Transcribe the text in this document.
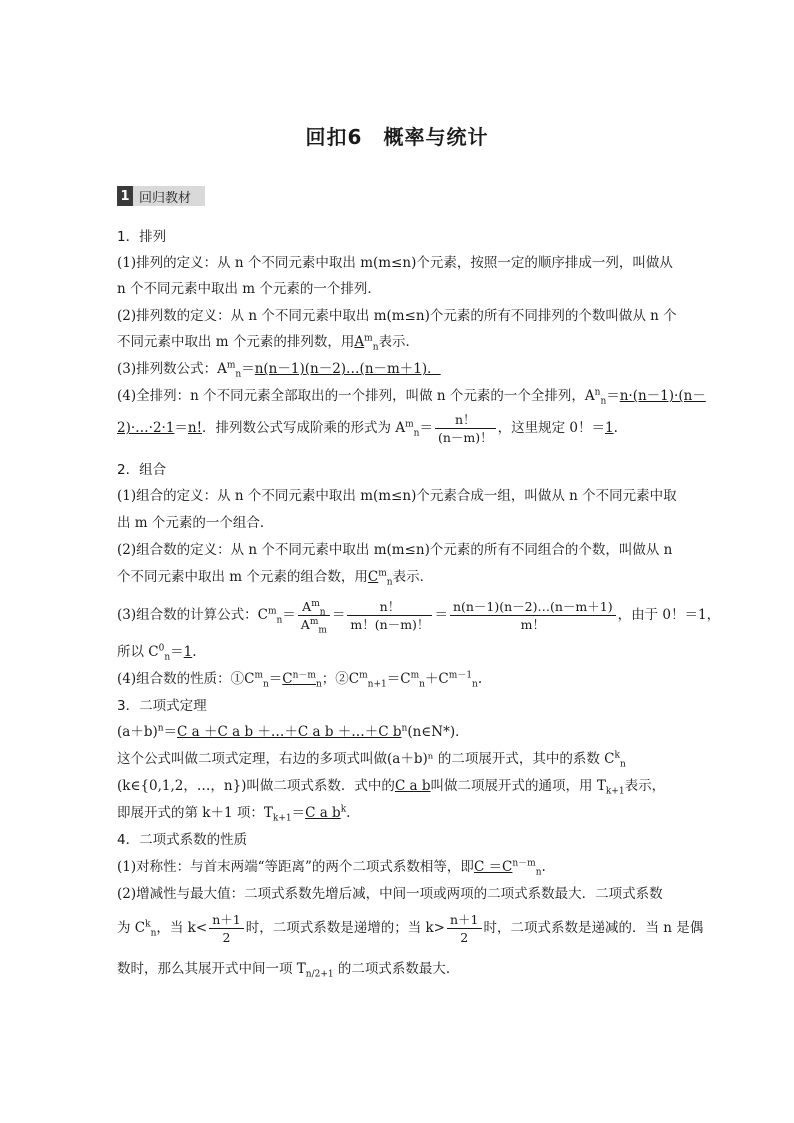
回扣6　概率与统计
1 回归教材
1．排列
(1)排列的定义：从 n 个不同元素中取出 m(m≤n)个元素，按照一定的顺序排成一列，叫做从
n 个不同元素中取出 m 个元素的一个排列．
(2)排列数的定义：从 n 个不同元素中取出 m(m≤n)个元素的所有不同排列的个数叫做从 n 个
不同元素中取出 m 个元素的排列数，用$A^m_n$表示．
(3)排列数公式：$A^m_n=n(n-1)(n-2)\dots(n-m+1)$．
(4)全排列：n 个不同元素全部取出的一个排列，叫做 n 个元素的一个全排列，$A^n_n=n\cdot(n-1)\cdot(n-$
2)·…·2·1＝n!．排列数公式写成阶乘的形式为 $A^m_n= \frac{n!}{(n-m)!}$ ，这里规定 0！＝1.
2．组合
(1)组合的定义：从 n 个不同元素中取出 m(m≤n)个元素合成一组，叫做从 n 个不同元素中取
出 m 个元素的一个组合．
(2)组合数的定义：从 n 个不同元素中取出 m(m≤n)个元素的所有不同组合的个数，叫做从 n
个不同元素中取出 m 个元素的组合数，用$C^m_n$表示．
(3)组合数的计算公式：$C^m_n= \frac{A^m_n}{A^m_m} = \frac{n!}{m!(n-m)!} = \frac{n(n-1)(n-2)\dots(n-m+1)}{m!}$ ，由于 0！＝1，
所以 $C^0_n=1$.
(4)组合数的性质：$①C^m_n=C^{n-m}_n$；$②C^m_{n+1}=C^m_n+C^{m-1}_n$.
3．二项式定理
$(a+b)^n=C$ a ＋C a b ＋…＋C a b ＋…＋C $b^n(n\in N*)$．
这个公式叫做二项式定理，右边的多项式叫做(a＋b)ⁿ 的二项展开式，其中的系数 $C^k_n$
(k∈{0,1,2，…，n})叫做二项式系数．式中的C a b叫做二项展开式的通项，用 $T_{k+1}$表示，
即展开式的第 k＋1 项：$T_{k+1}=C$ a $b^k$.
4．二项式系数的性质
(1)对称性：与首末两端“等距离”的两个二项式系数相等，即$C =C^{n-m}_n$.
(2)增减性与最大值：二项式系数先增后减，中间一项或两项的二项式系数最大．二项式系数
为 $C^k_n$，当 $k< \frac{n+1}{2}$ 时，二项式系数是递增的；当 $k> \frac{n+1}{2}$ 时，二项式系数是递减的．当 n 是偶
数时，那么其展开式中间一项 $T_{n/2+1}$ 的二项式系数最大．
